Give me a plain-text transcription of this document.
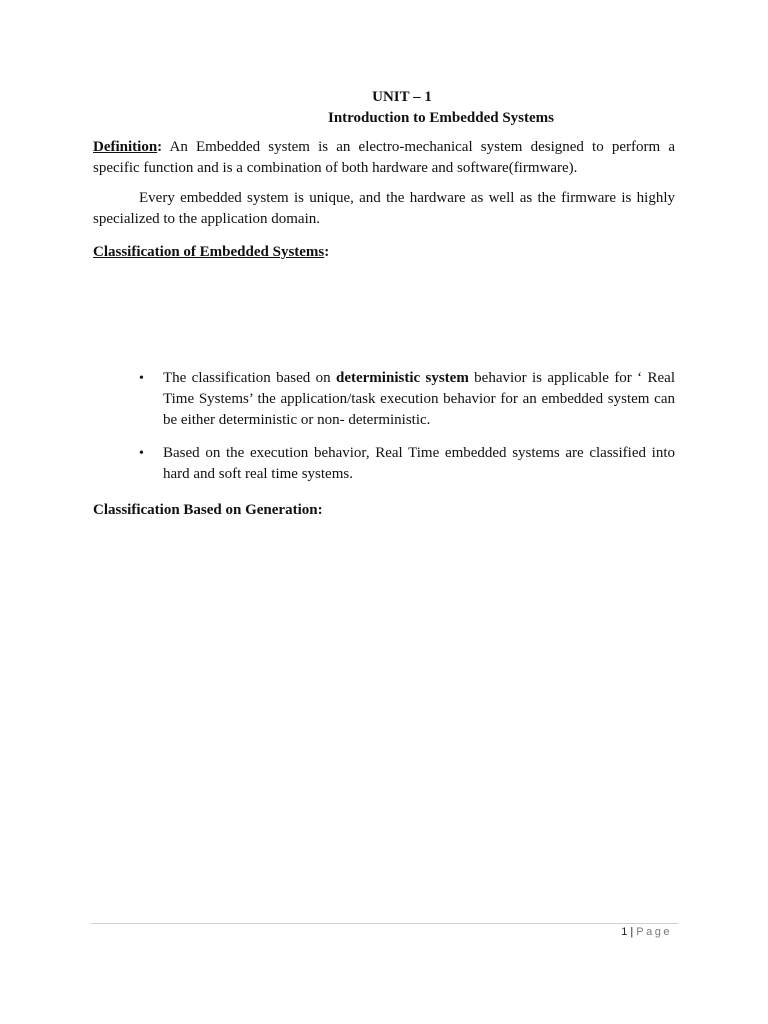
UNIT – 1
Introduction to Embedded Systems
Definition: An Embedded system is an electro-mechanical system designed to perform a specific function and is a combination of both hardware and software(firmware).
Every embedded system is unique, and the hardware as well as the firmware is highly specialized to the application domain.
Classification of Embedded Systems:
• The classification based on deterministic system behavior is applicable for ‘ Real Time Systems’ the application/task execution behavior for an embedded system can be either deterministic or non- deterministic.
• Based on the execution behavior, Real Time embedded systems are classified into hard and soft real time systems.
Classification Based on Generation:
1 | Page
